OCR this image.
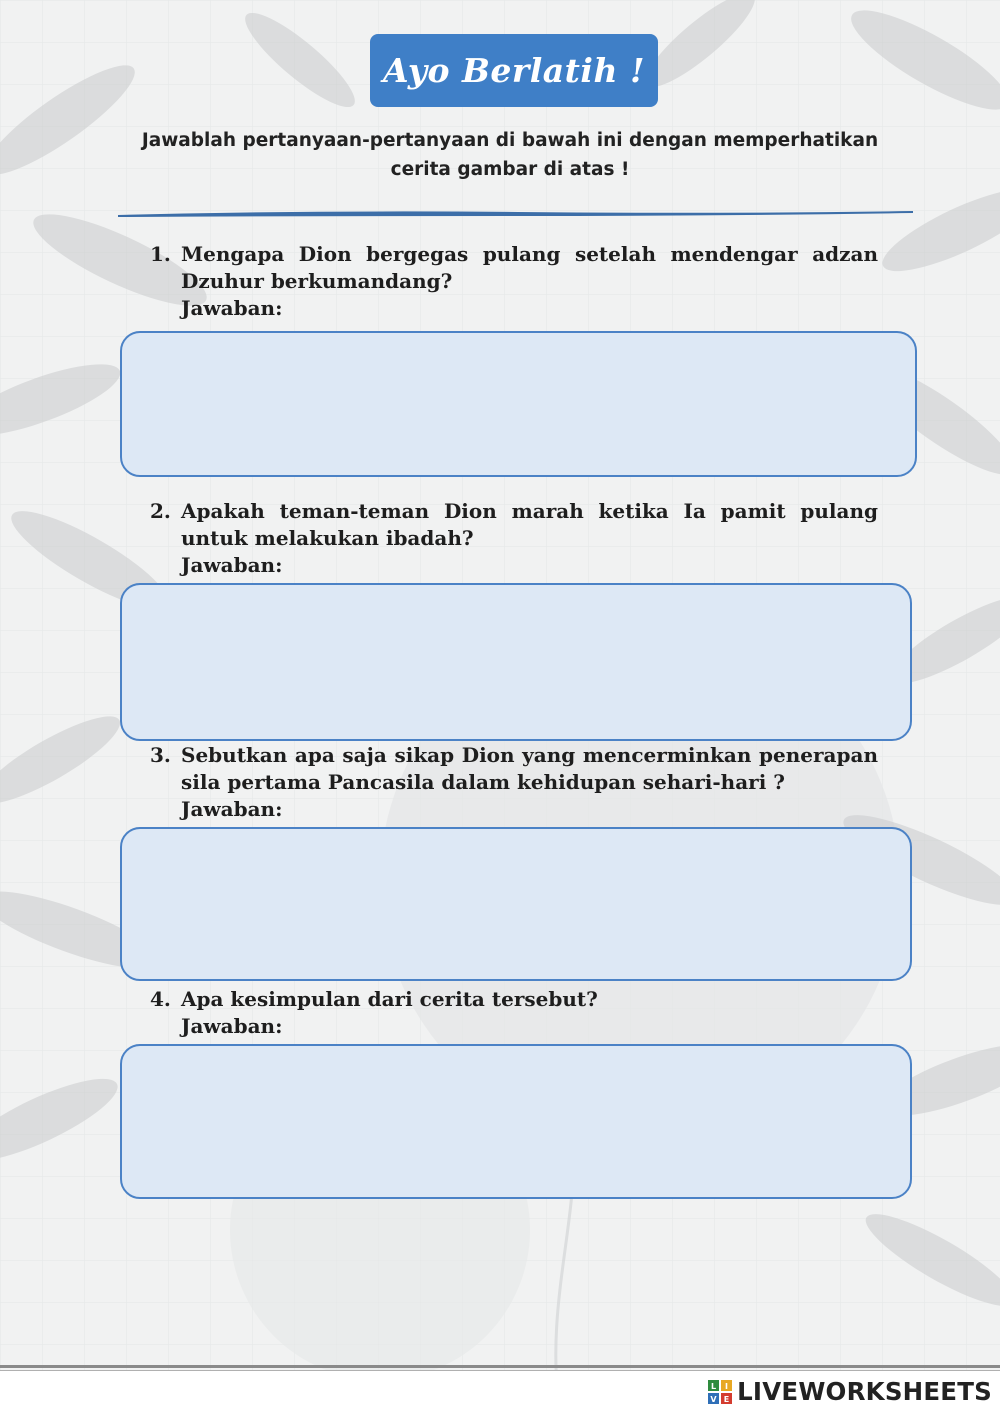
Ayo Berlatih !
Jawablah pertanyaan-pertanyaan di bawah ini dengan memperhatikan
cerita gambar di atas !
1. Mengapa Dion bergegas pulang setelah mendengar adzan Dzuhur berkumandang?
Jawaban:
2. Apakah teman-teman Dion marah ketika Ia pamit pulang untuk melakukan ibadah?
Jawaban:
3. Sebutkan apa saja sikap Dion yang mencerminkan penerapan sila pertama Pancasila dalam kehidupan sehari-hari ?
Jawaban:
4. Apa kesimpulan dari cerita tersebut?
Jawaban:
L I
V E LIVEWORKSHEETS
